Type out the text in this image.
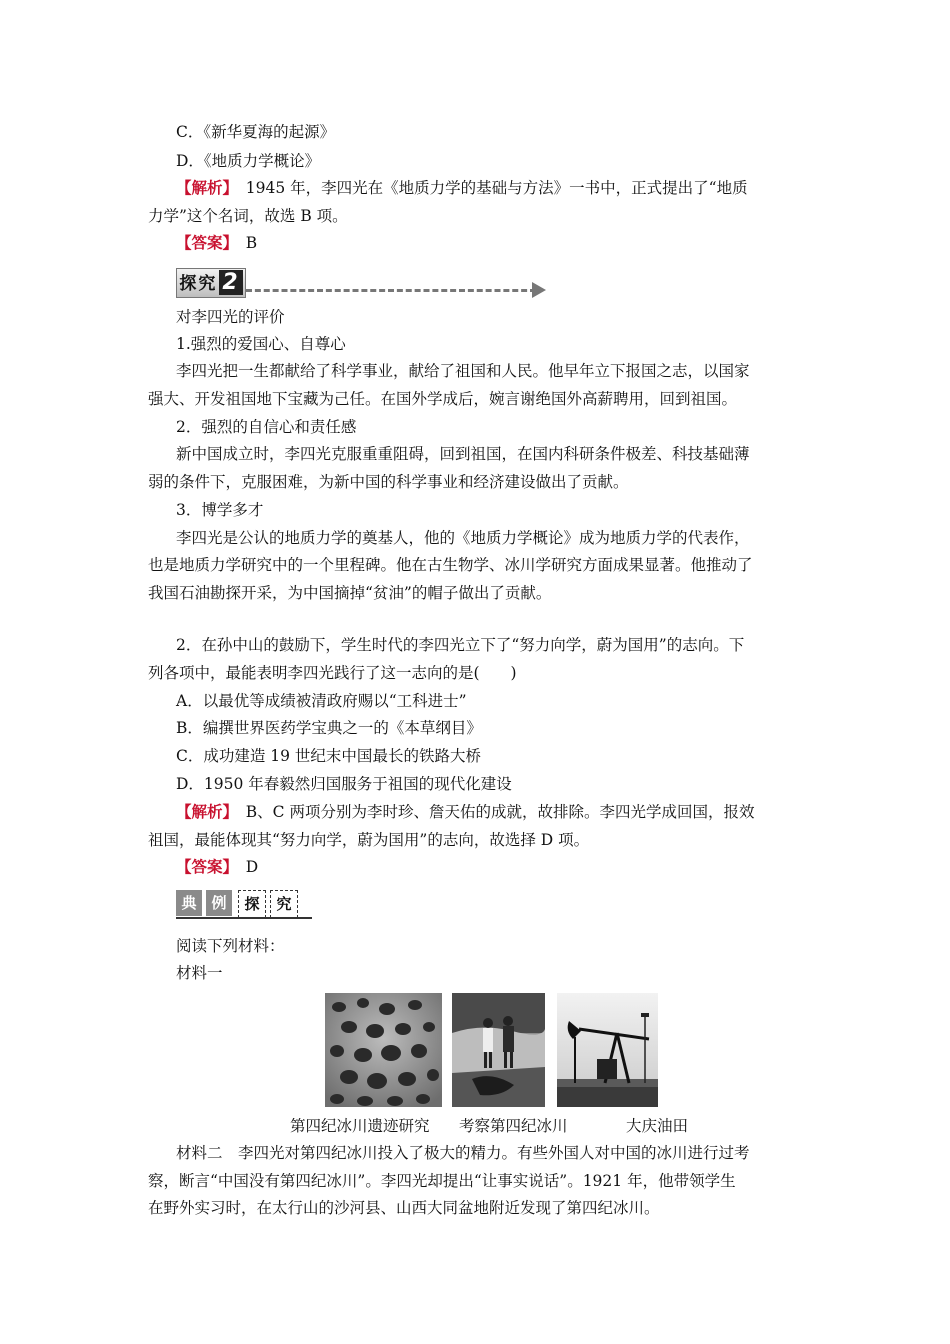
C．《新华夏海的起源》
D．《地质力学概论》
【解析】　1945 年，李四光在《地质力学的基础与方法》一书中，正式提出了“地质
力学”这个名词，故选 B 项。
【答案】　B
探究 2
对李四光的评价
1.强烈的爱国心、自尊心
李四光把一生都献给了科学事业，献给了祖国和人民。他早年立下报国之志，以国家
强大、开发祖国地下宝藏为己任。在国外学成后，婉言谢绝国外高薪聘用，回到祖国。
2．强烈的自信心和责任感
新中国成立时，李四光克服重重阻碍，回到祖国，在国内科研条件极差、科技基础薄
弱的条件下，克服困难，为新中国的科学事业和经济建设做出了贡献。
3．博学多才
李四光是公认的地质力学的奠基人，他的《地质力学概论》成为地质力学的代表作，
也是地质力学研究中的一个里程碑。他在古生物学、冰川学研究方面成果显著。他推动了
我国石油勘探开采，为中国摘掉“贫油”的帽子做出了贡献。
2．在孙中山的鼓励下，学生时代的李四光立下了“努力向学，蔚为国用”的志向。下
列各项中，最能表明李四光践行了这一志向的是(　　)
A．以最优等成绩被清政府赐以“工科进士”
B．编撰世界医药学宝典之一的《本草纲目》
C．成功建造 19 世纪末中国最长的铁路大桥
D．1950 年春毅然归国服务于祖国的现代化建设
【解析】　B、C 两项分别为李时珍、詹天佑的成就，故排除。李四光学成回国，报效
祖国，最能体现其“努力向学，蔚为国用”的志向，故选择 D 项。
【答案】　D
典 例	探	究
阅读下列材料：
材料一
第四纪冰川遗迹研究 考察第四纪冰川	大庆油田
材料二　李四光对第四纪冰川投入了极大的精力。有些外国人对中国的冰川进行过考
察，断言“中国没有第四纪冰川”。李四光却提出“让事实说话”。1921 年，他带领学生
在野外实习时，在太行山的沙河县、山西大同盆地附近发现了第四纪冰川。
